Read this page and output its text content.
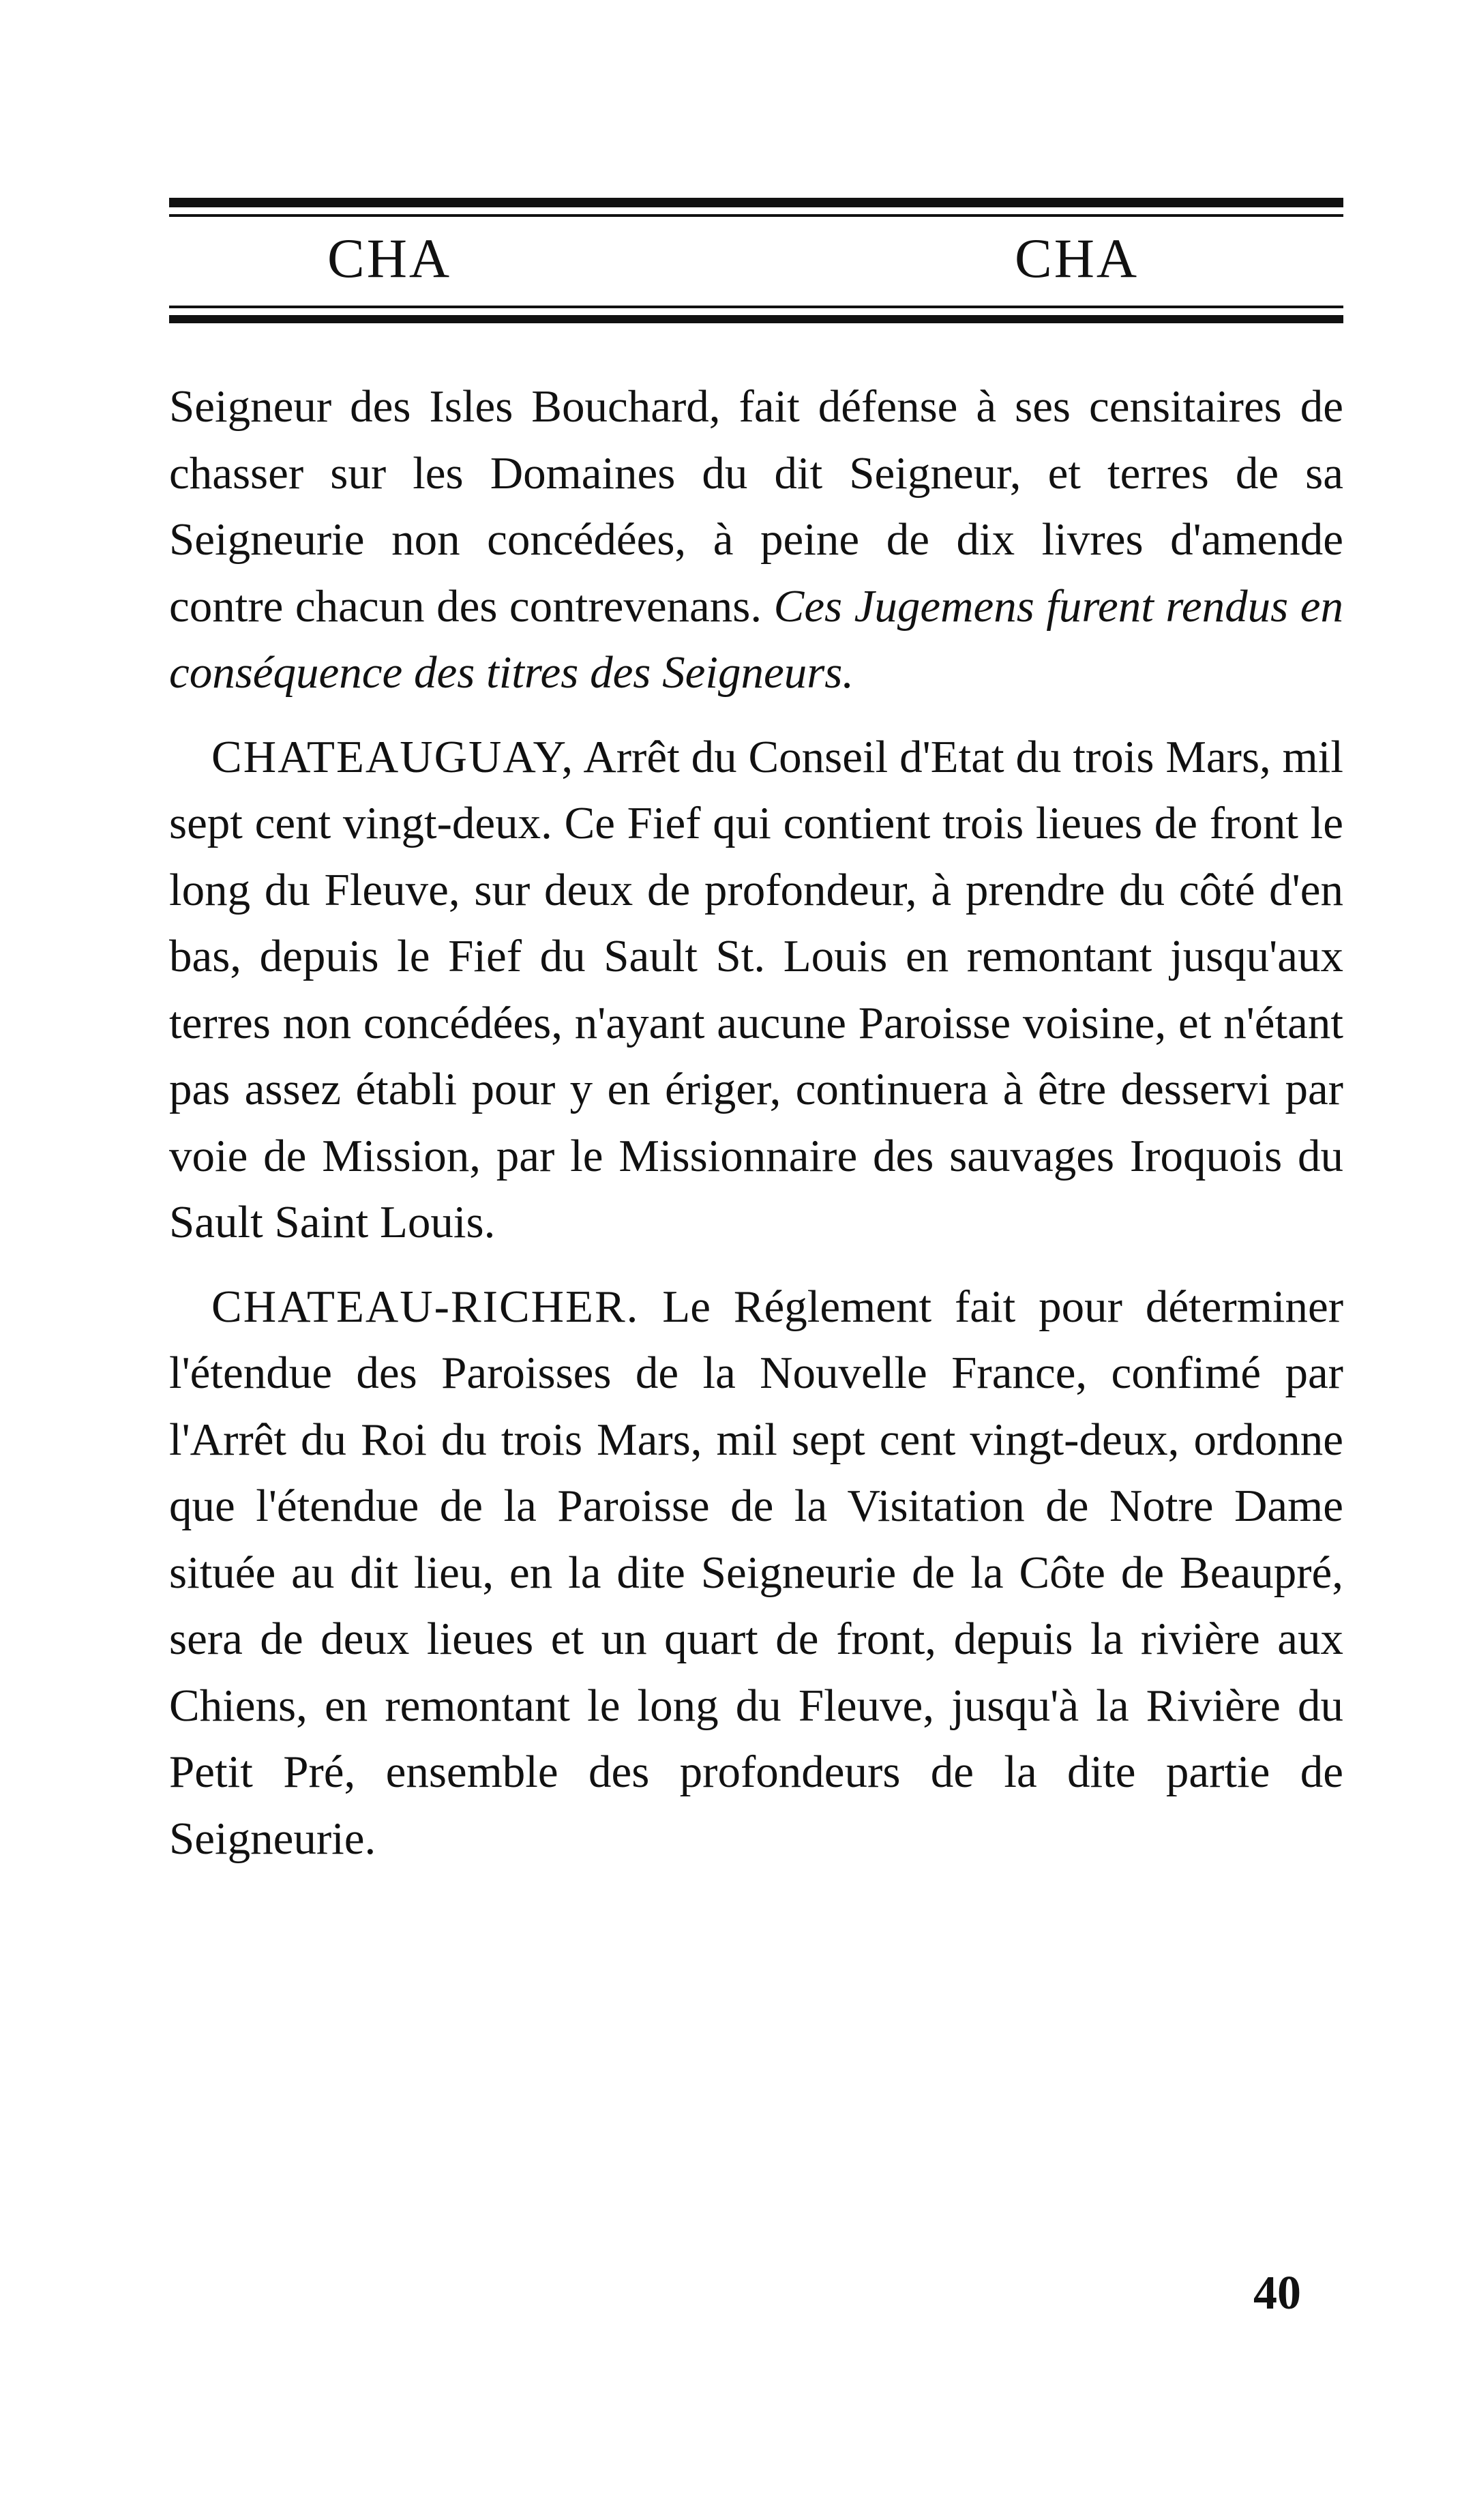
CHA	CHA

Seigneur des Isles Bouchard, fait défense à ses censitaires de chasser sur les Domaines du dit Seigneur, et terres de sa Seigneurie non concédées, à peine de dix livres d'amende contre chacun des contrevenans. Ces Jugemens furent rendus en conséquence des titres des Seigneurs.

CHATEAUGUAY, Arrêt du Conseil d'Etat du trois Mars, mil sept cent vingt-deux. Ce Fief qui contient trois lieues de front le long du Fleuve, sur deux de profondeur, à prendre du côté d'en bas, depuis le Fief du Sault St. Louis en remontant jusqu'aux terres non concédées, n'ayant aucune Paroisse voisine, et n'étant pas assez établi pour y en ériger, continuera à être desservi par voie de Mission, par le Missionnaire des sauvages Iroquois du Sault Saint Louis.

CHATEAU-RICHER. Le Réglement fait pour déterminer l'étendue des Paroisses de la Nouvelle France, confimé par l'Arrêt du Roi du trois Mars, mil sept cent vingt-deux, ordonne que l'étendue de la Paroisse de la Visitation de Notre Dame située au dit lieu, en la dite Seigneurie de la Côte de Beaupré, sera de deux lieues et un quart de front, depuis la rivière aux Chiens, en remontant le long du Fleuve, jusqu'à la Rivière du Petit Pré, ensemble des profondeurs de la dite partie de Seigneurie.

40
